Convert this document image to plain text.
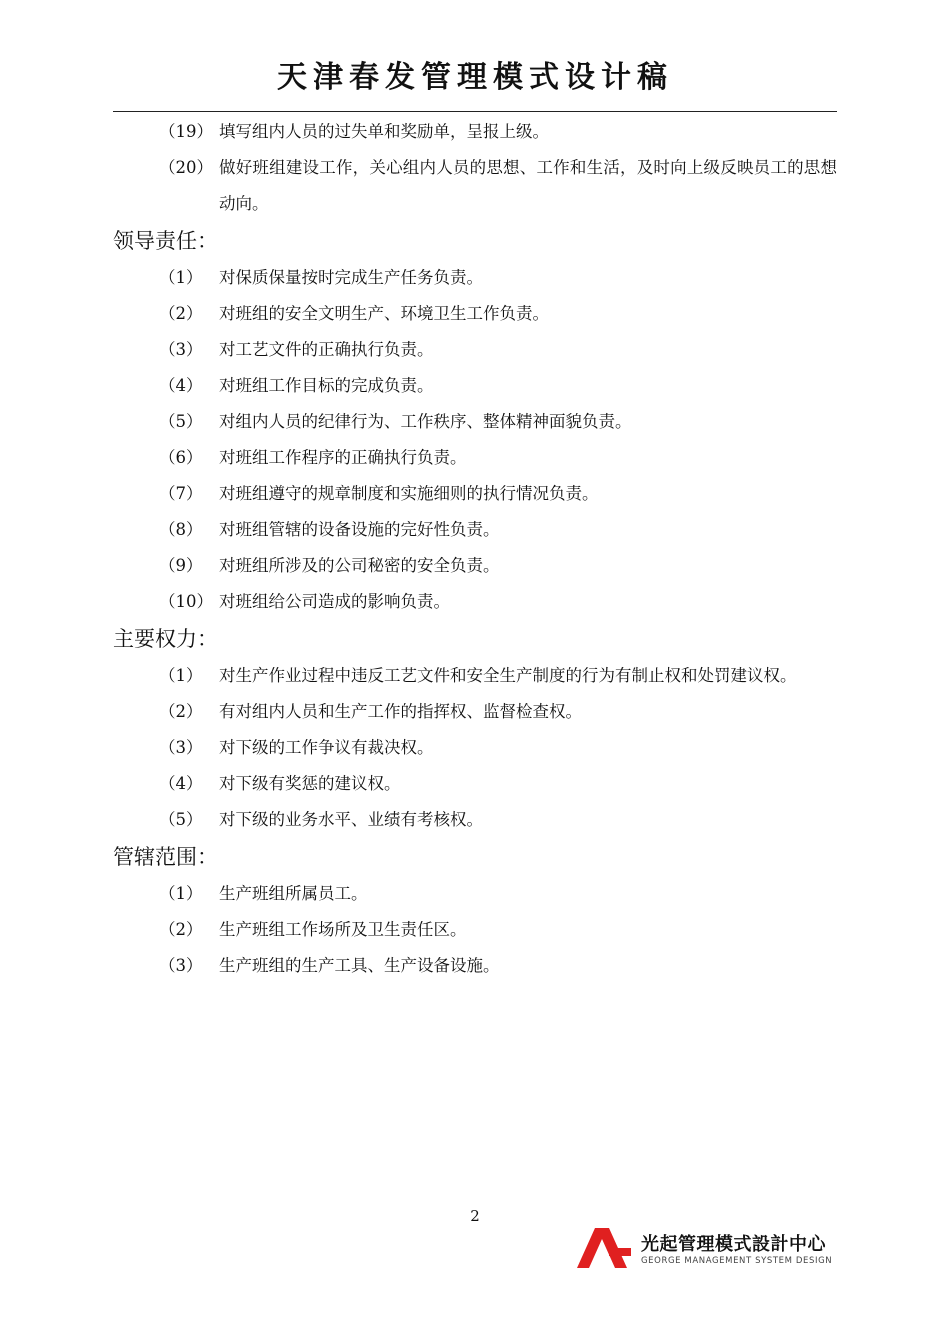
天津春发管理模式设计稿
（19） 填写组内人员的过失单和奖励单，呈报上级。
（20） 做好班组建设工作，关心组内人员的思想、工作和生活，及时向上级反映员工的思想动向。
领导责任：
（1） 对保质保量按时完成生产任务负责。
（2） 对班组的安全文明生产、环境卫生工作负责。
（3） 对工艺文件的正确执行负责。
（4） 对班组工作目标的完成负责。
（5） 对组内人员的纪律行为、工作秩序、整体精神面貌负责。
（6） 对班组工作程序的正确执行负责。
（7） 对班组遵守的规章制度和实施细则的执行情况负责。
（8） 对班组管辖的设备设施的完好性负责。
（9） 对班组所涉及的公司秘密的安全负责。
（10） 对班组给公司造成的影响负责。
主要权力：
（1） 对生产作业过程中违反工艺文件和安全生产制度的行为有制止权和处罚建议权。
（2） 有对组内人员和生产工作的指挥权、监督检查权。
（3） 对下级的工作争议有裁决权。
（4） 对下级有奖惩的建议权。
（5） 对下级的业务水平、业绩有考核权。
管辖范围：
（1） 生产班组所属员工。
（2） 生产班组工作场所及卫生责任区。
（3） 生产班组的生产工具、生产设备设施。
2
光起管理模式設計中心
GEORGE MANAGEMENT SYSTEM DESIGN
